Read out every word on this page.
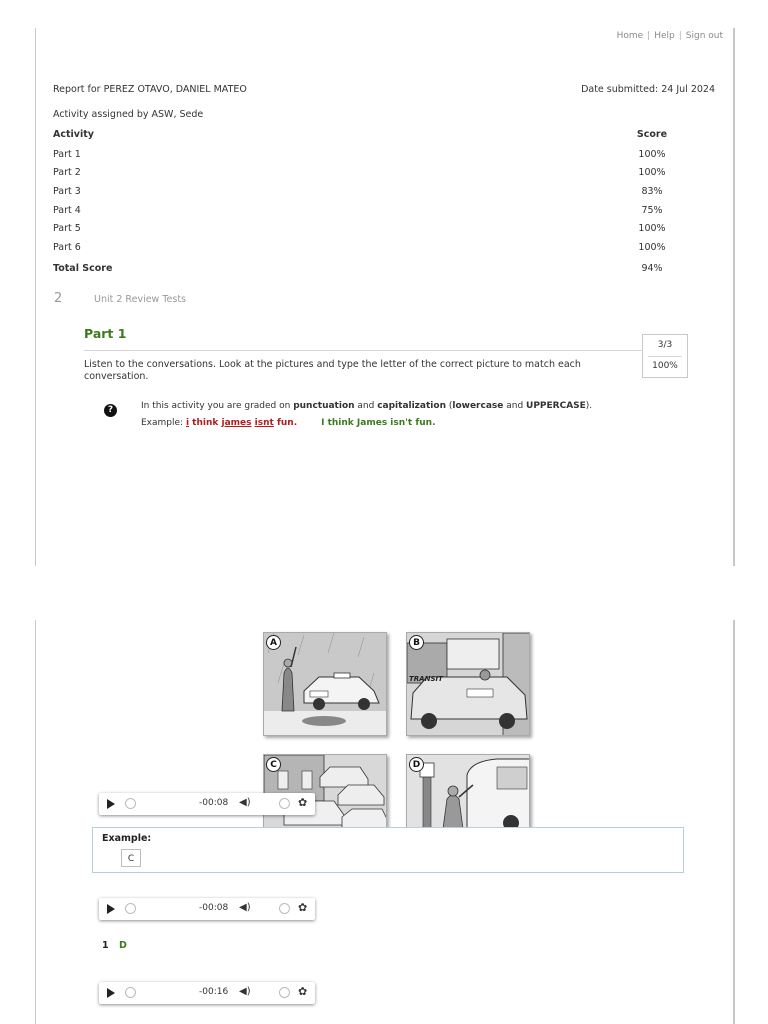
Home | Help | Sign out
Report for PEREZ OTAVO, DANIEL MATEO	Date submitted: 24 Jul 2024
Activity assigned by ASW, Sede
Activity	Score
Part 1	100%
Part 2	100%
Part 3	83%
Part 4	75%
Part 5	100%
Part 6	100%
Total Score	94%
2	Unit 2 Review Tests
Part 1
3/3
100%
Listen to the conversations. Look at the pictures and type the letter of the correct picture to match each conversation.
?	In this activity you are graded on punctuation and capitalization (lowercase and UPPERCASE).
Example: i think james isnt fun.	I think James isn't fun.
A
TRANSIT
B
C	D
-00:08 ◀)	✿
Example:
C
-00:08 ◀)	✿
1 D
-00:16 ◀)	✿
